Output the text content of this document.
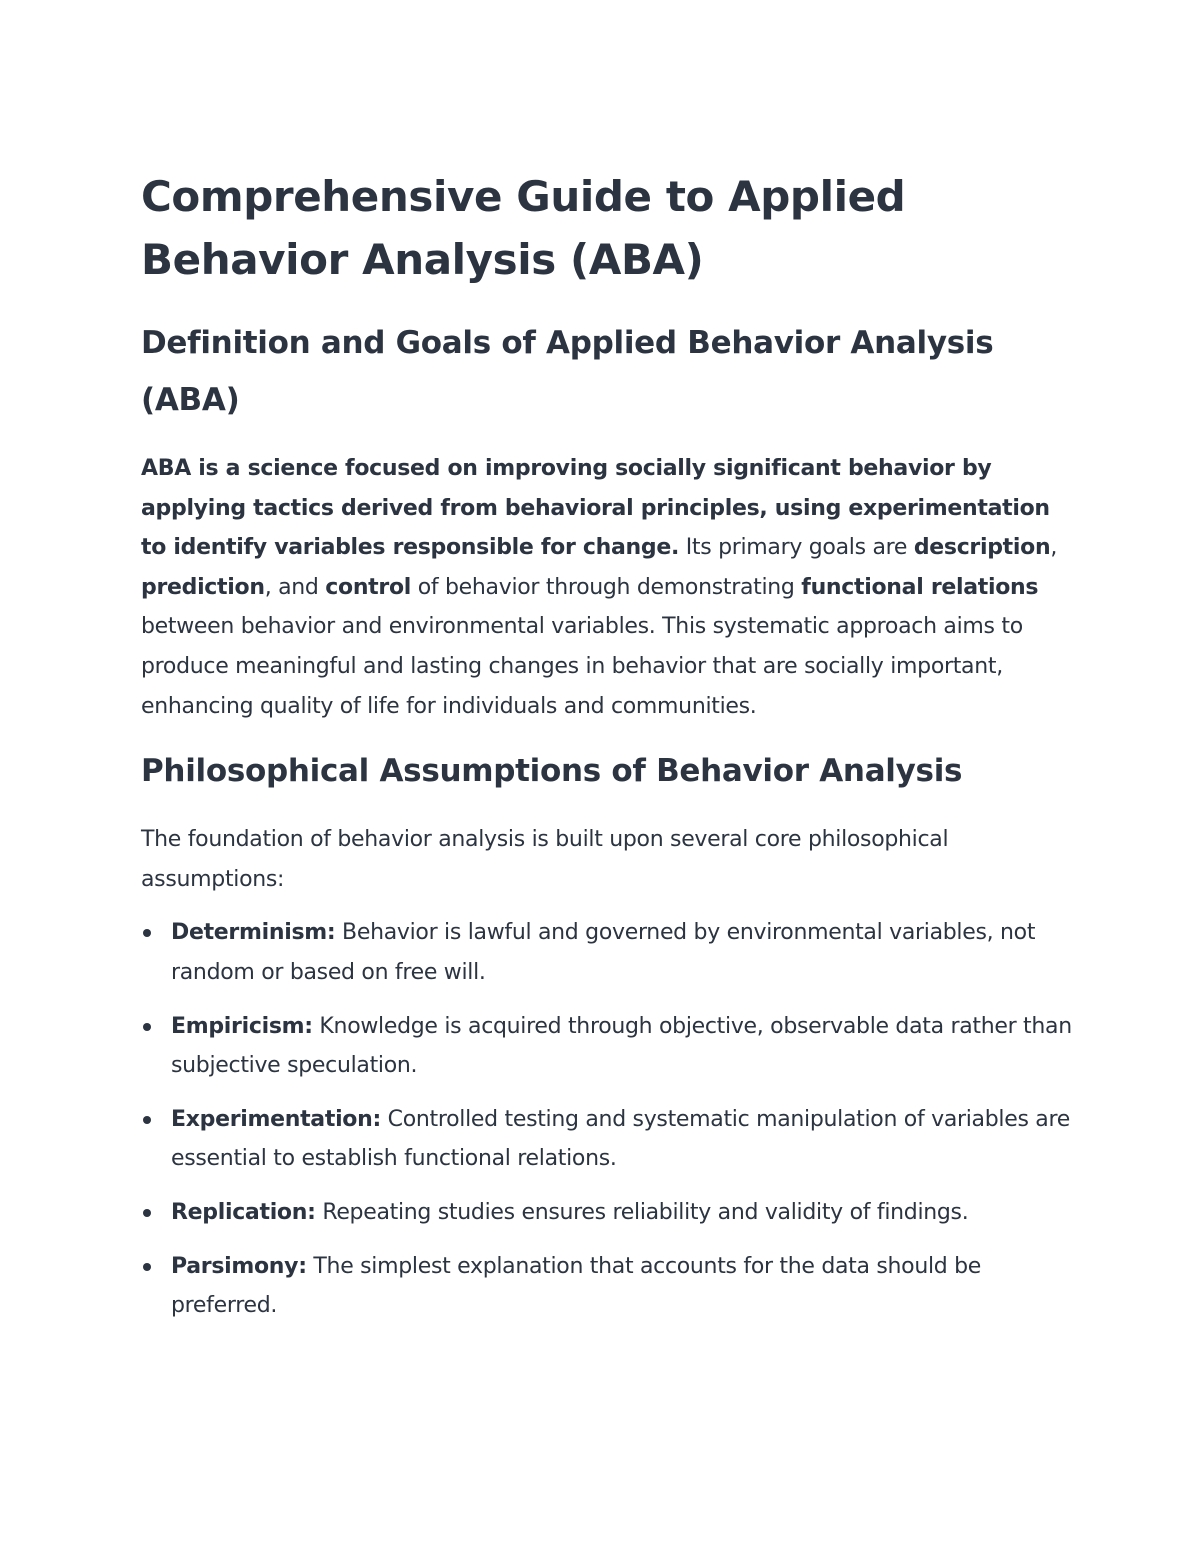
Comprehensive Guide to Applied Behavior Analysis (ABA)
Definition and Goals of Applied Behavior Analysis (ABA)

ABA is a science focused on improving socially significant behavior by applying tactics derived from behavioral principles, using experimentation to identify variables responsible for change. Its primary goals are description, prediction, and control of behavior through demonstrating functional relations between behavior and environmental variables. This systematic approach aims to produce meaningful and lasting changes in behavior that are socially important, enhancing quality of life for individuals and communities.

Philosophical Assumptions of Behavior Analysis

The foundation of behavior analysis is built upon several core philosophical assumptions:

Determinism: Behavior is lawful and governed by environmental variables, not random or based on free will.
Empiricism: Knowledge is acquired through objective, observable data rather than subjective speculation.
Experimentation: Controlled testing and systematic manipulation of variables are essential to establish functional relations.
Replication: Repeating studies ensures reliability and validity of findings.
Parsimony: The simplest explanation that accounts for the data should be preferred.
